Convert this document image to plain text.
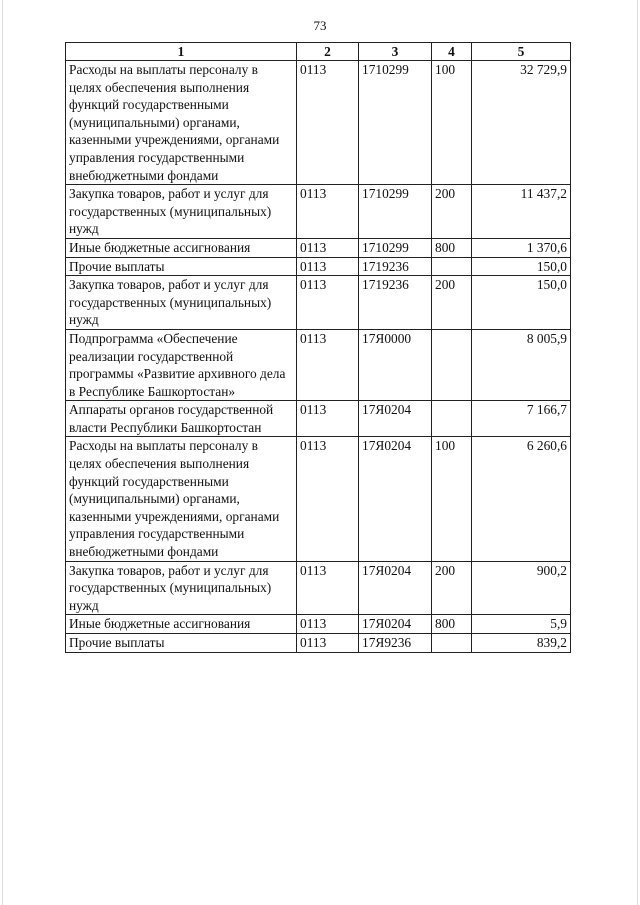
73
1	2	3	4	5
Расходы на выплаты персоналу в целях обеспечения выполнения функций государственными (муниципальными) органами, казенными учреждениями, органами управления государственными внебюджетными фондами	0113	1710299	100	32 729,9
Закупка товаров, работ и услуг для государственных (муниципальных) нужд	0113	1710299	200	11 437,2
Иные бюджетные ассигнования	0113	1710299	800	1 370,6
Прочие выплаты	0113	1719236		150,0
Закупка товаров, работ и услуг для государственных (муниципальных) нужд	0113	1719236	200	150,0
Подпрограмма «Обеспечение реализации государственной программы «Развитие архивного дела в Республике Башкортостан»	0113	17Я0000		8 005,9
Аппараты органов государственной власти Республики Башкортостан	0113	17Я0204		7 166,7
Расходы на выплаты персоналу в целях обеспечения выполнения функций государственными (муниципальными) органами, казенными учреждениями, органами управления государственными внебюджетными фондами	0113	17Я0204	100	6 260,6
Закупка товаров, работ и услуг для государственных (муниципальных) нужд	0113	17Я0204	200	900,2
Иные бюджетные ассигнования	0113	17Я0204	800	5,9
Прочие выплаты	0113	17Я9236		839,2
